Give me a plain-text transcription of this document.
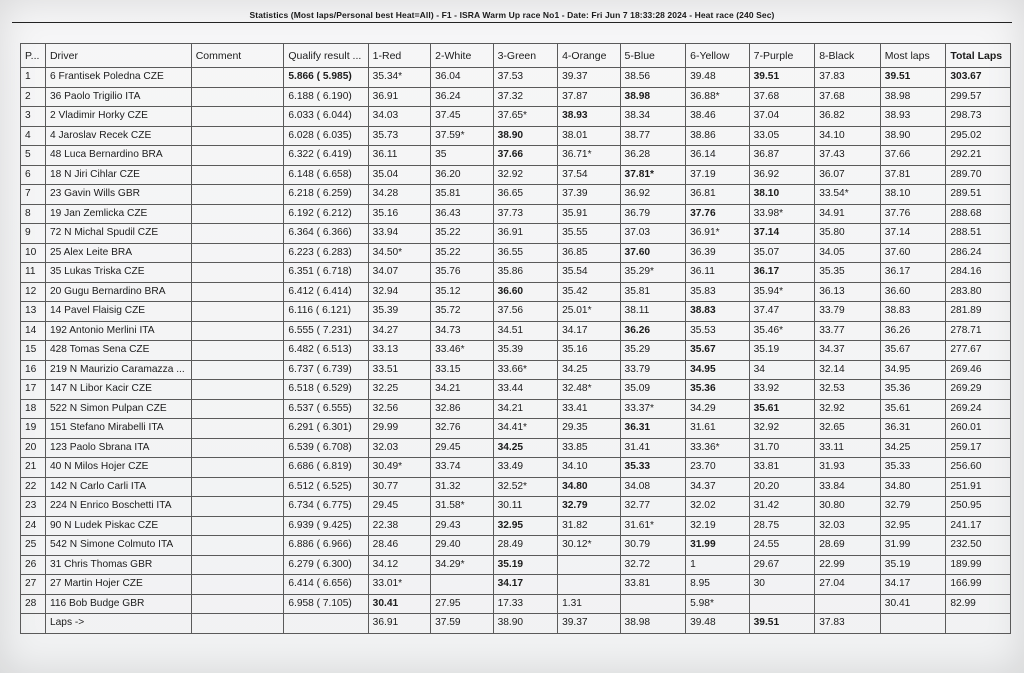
Statistics (Most laps/Personal best Heat=All) - F1 - ISRA Warm Up race No1 - Date: Fri Jun 7 18:33:28 2024 - Heat race (240 Sec)
P...	Driver	Comment	Qualify result ...	1-Red	2-White	3-Green	4-Orange	5-Blue	6-Yellow	7-Purple	8-Black	Most laps	Total Laps
1	6 Frantisek Poledna CZE		5.866 ( 5.985)	35.34*	36.04	37.53	39.37	38.56	39.48	39.51	37.83	39.51	303.67
2	36 Paolo Trigilio ITA		6.188 ( 6.190)	36.91	36.24	37.32	37.87	38.98	36.88*	37.68	37.68	38.98	299.57
3	2 Vladimir Horky CZE		6.033 ( 6.044)	34.03	37.45	37.65*	38.93	38.34	38.46	37.04	36.82	38.93	298.73
4	4 Jaroslav Recek CZE		6.028 ( 6.035)	35.73	37.59*	38.90	38.01	38.77	38.86	33.05	34.10	38.90	295.02
5	48 Luca Bernardino BRA		6.322 ( 6.419)	36.11	35	37.66	36.71*	36.28	36.14	36.87	37.43	37.66	292.21
6	18 N Jiri Cihlar CZE		6.148 ( 6.658)	35.04	36.20	32.92	37.54	37.81*	37.19	36.92	36.07	37.81	289.70
7	23 Gavin Wills GBR		6.218 ( 6.259)	34.28	35.81	36.65	37.39	36.92	36.81	38.10	33.54*	38.10	289.51
8	19 Jan Zemlicka CZE		6.192 ( 6.212)	35.16	36.43	37.73	35.91	36.79	37.76	33.98*	34.91	37.76	288.68
9	72 N Michal Spudil CZE		6.364 ( 6.366)	33.94	35.22	36.91	35.55	37.03	36.91*	37.14	35.80	37.14	288.51
10	25 Alex Leite BRA		6.223 ( 6.283)	34.50*	35.22	36.55	36.85	37.60	36.39	35.07	34.05	37.60	286.24
11	35 Lukas Triska CZE		6.351 ( 6.718)	34.07	35.76	35.86	35.54	35.29*	36.11	36.17	35.35	36.17	284.16
12	20 Gugu Bernardino BRA		6.412 ( 6.414)	32.94	35.12	36.60	35.42	35.81	35.83	35.94*	36.13	36.60	283.80
13	14 Pavel Flaisig CZE		6.116 ( 6.121)	35.39	35.72	37.56	25.01*	38.11	38.83	37.47	33.79	38.83	281.89
14	192 Antonio Merlini ITA		6.555 ( 7.231)	34.27	34.73	34.51	34.17	36.26	35.53	35.46*	33.77	36.26	278.71
15	428 Tomas Sena CZE		6.482 ( 6.513)	33.13	33.46*	35.39	35.16	35.29	35.67	35.19	34.37	35.67	277.67
16	219 N Maurizio Caramazza ...		6.737 ( 6.739)	33.51	33.15	33.66*	34.25	33.79	34.95	34	32.14	34.95	269.46
17	147 N Libor Kacir CZE		6.518 ( 6.529)	32.25	34.21	33.44	32.48*	35.09	35.36	33.92	32.53	35.36	269.29
18	522 N Simon Pulpan CZE		6.537 ( 6.555)	32.56	32.86	34.21	33.41	33.37*	34.29	35.61	32.92	35.61	269.24
19	151 Stefano Mirabelli ITA		6.291 ( 6.301)	29.99	32.76	34.41*	29.35	36.31	31.61	32.92	32.65	36.31	260.01
20	123 Paolo Sbrana ITA		6.539 ( 6.708)	32.03	29.45	34.25	33.85	31.41	33.36*	31.70	33.11	34.25	259.17
21	40 N Milos Hojer CZE		6.686 ( 6.819)	30.49*	33.74	33.49	34.10	35.33	23.70	33.81	31.93	35.33	256.60
22	142 N Carlo Carli ITA		6.512 ( 6.525)	30.77	31.32	32.52*	34.80	34.08	34.37	20.20	33.84	34.80	251.91
23	224 N Enrico Boschetti ITA		6.734 ( 6.775)	29.45	31.58*	30.11	32.79	32.77	32.02	31.42	30.80	32.79	250.95
24	90 N Ludek Piskac CZE		6.939 ( 9.425)	22.38	29.43	32.95	31.82	31.61*	32.19	28.75	32.03	32.95	241.17
25	542 N Simone Colmuto ITA		6.886 ( 6.966)	28.46	29.40	28.49	30.12*	30.79	31.99	24.55	28.69	31.99	232.50
26	31 Chris Thomas GBR		6.279 ( 6.300)	34.12	34.29*	35.19		32.72	1	29.67	22.99	35.19	189.99
27	27 Martin Hojer CZE		6.414 ( 6.656)	33.01*		34.17		33.81	8.95	30	27.04	34.17	166.99
28	116 Bob Budge GBR		6.958 ( 7.105)	30.41	27.95	17.33	1.31		5.98*			30.41	82.99
	Laps ->			36.91	37.59	38.90	39.37	38.98	39.48	39.51	37.83		
